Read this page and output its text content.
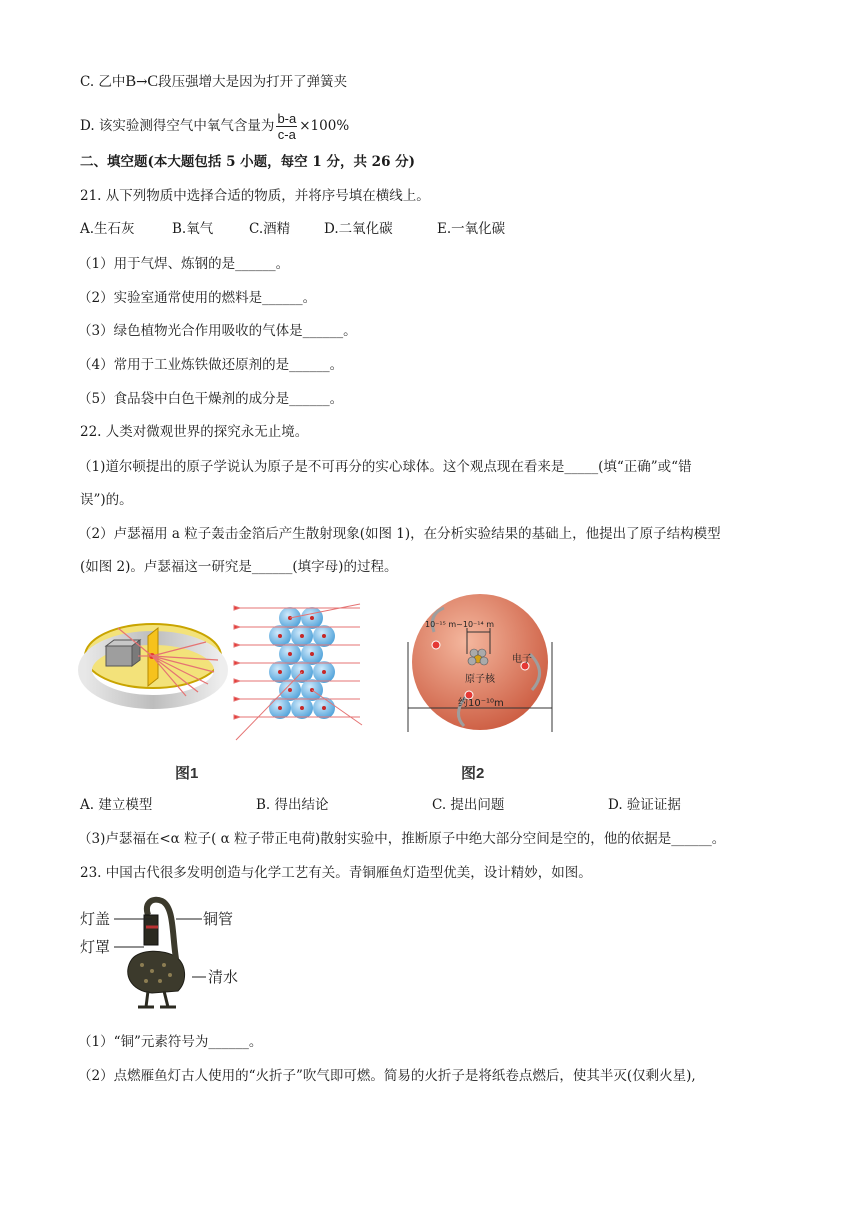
C. 乙中B→C段压强增大是因为打开了弹簧夹
D. 该实验测得空气中氧气含量为 $\frac{b-a}{c-a} \times 100\%$
二、填空题(本大题包括 5 小题，每空 1 分，共 26 分)
21. 从下列物质中选择合适的物质，并将序号填在横线上。
A.生石灰	B.氧气	C.酒精	D.二氧化碳	E.一氧化碳
（1）用于气焊、炼钢的是______。
（2）实验室通常使用的燃料是______。
（3）绿色植物光合作用吸收的气体是______。
（4）常用于工业炼铁做还原剂的是______。
（5）食品袋中白色干燥剂的成分是______。
22. 人类对微观世界的探究永无止境。
（1)道尔顿提出的原子学说认为原子是不可再分的实心球体。这个观点现在看来是_____(填“正确”或“错
误”)的。
（2）卢瑟福用 a 粒子轰击金箔后产生散射现象(如图 1)，在分析实验结果的基础上，他提出了原子结构模型
(如图 2)。卢瑟福这一研究是______(填字母)的过程。
图1
10⁻¹⁵ m~10⁻¹⁴ m
电子
原子核
约10⁻¹⁰m
图2
A. 建立模型	B. 得出结论	C. 提出问题	D. 验证证据
（3)卢瑟福在<α 粒子( α 粒子带正电荷)散射实验中，推断原子中绝大部分空间是空的，他的依据是______。
23. 中国古代很多发明创造与化学工艺有关。青铜雁鱼灯造型优美，设计精妙，如图。
灯盖
灯罩
铜管
清水
（1）“铜”元素符号为______。
（2）点燃雁鱼灯古人使用的“火折子”吹气即可燃。简易的火折子是将纸卷点燃后，使其半灭(仅剩火星),
